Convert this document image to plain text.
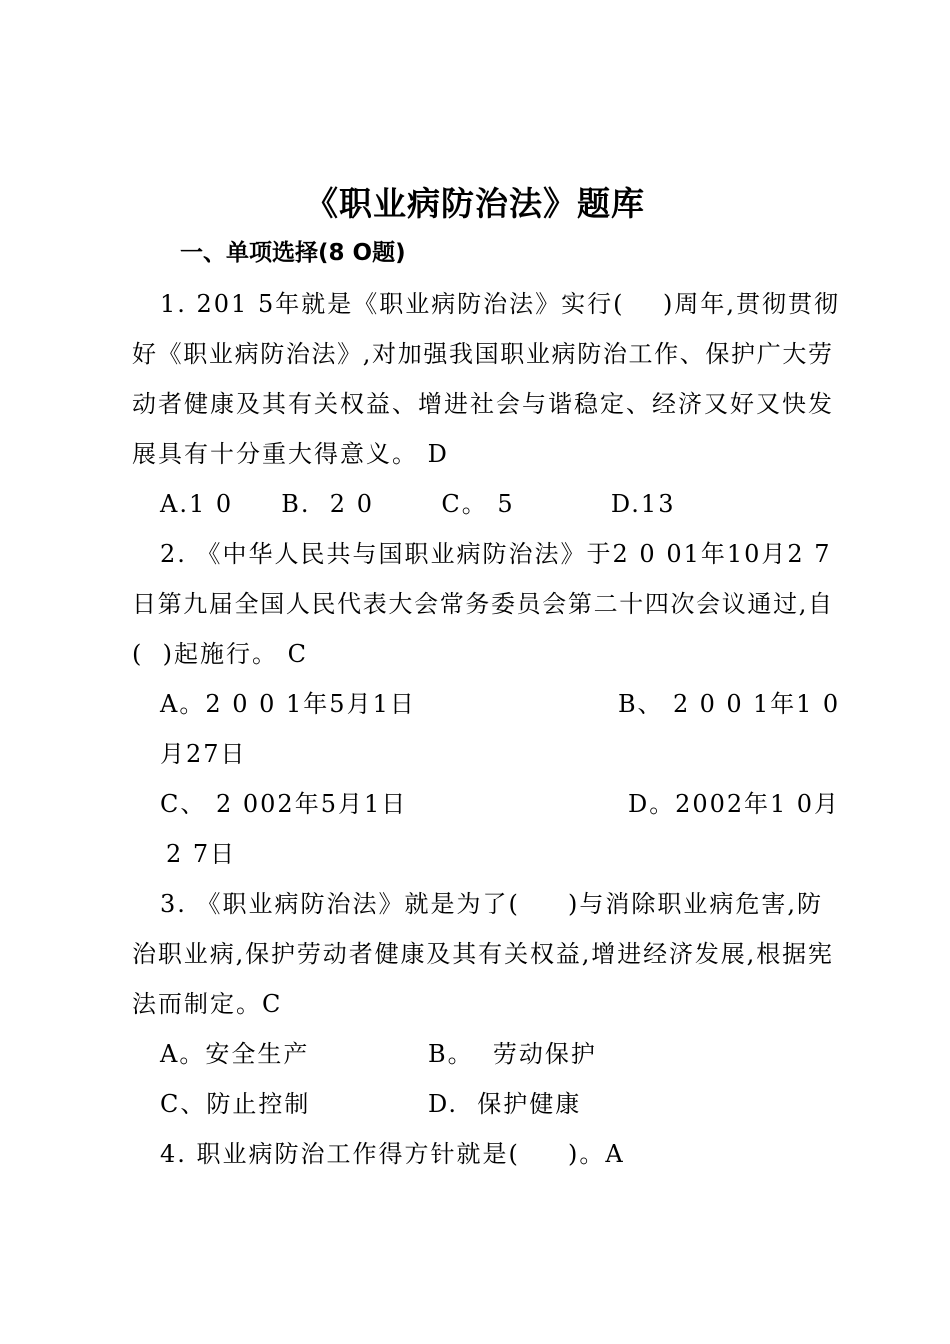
《职业病防治法》题库
一、单项选择(8 O题)
1. 201 5年就是《职业病防治法》实行(    )周年,贯彻贯彻
好《职业病防治法》,对加强我国职业病防治工作、保护广大劳
动者健康及其有关权益、增进社会与谐稳定、经济又好又快发
展具有十分重大得意义。 D
A.1 0     B.  2 0       C。 5          D.13
2. 《中华人民共与国职业病防治法》于2 0 01年10月2 7
日第九届全国人民代表大会常务委员会第二十四次会议通过,自
(  )起施行。 C
A。2 0 0 1年5月1日	B、 2 0 0 1年1 0
月27日
C、 2 002年5月1日	D。2002年1 0月
2 7日
3. 《职业病防治法》就是为了(     )与消除职业病危害,防
治职业病,保护劳动者健康及其有关权益,增进经济发展,根据宪
法而制定。C
A。安全生产	B。  劳动保护
C、防止控制	D.  保护健康
4. 职业病防治工作得方针就是(     )。A
